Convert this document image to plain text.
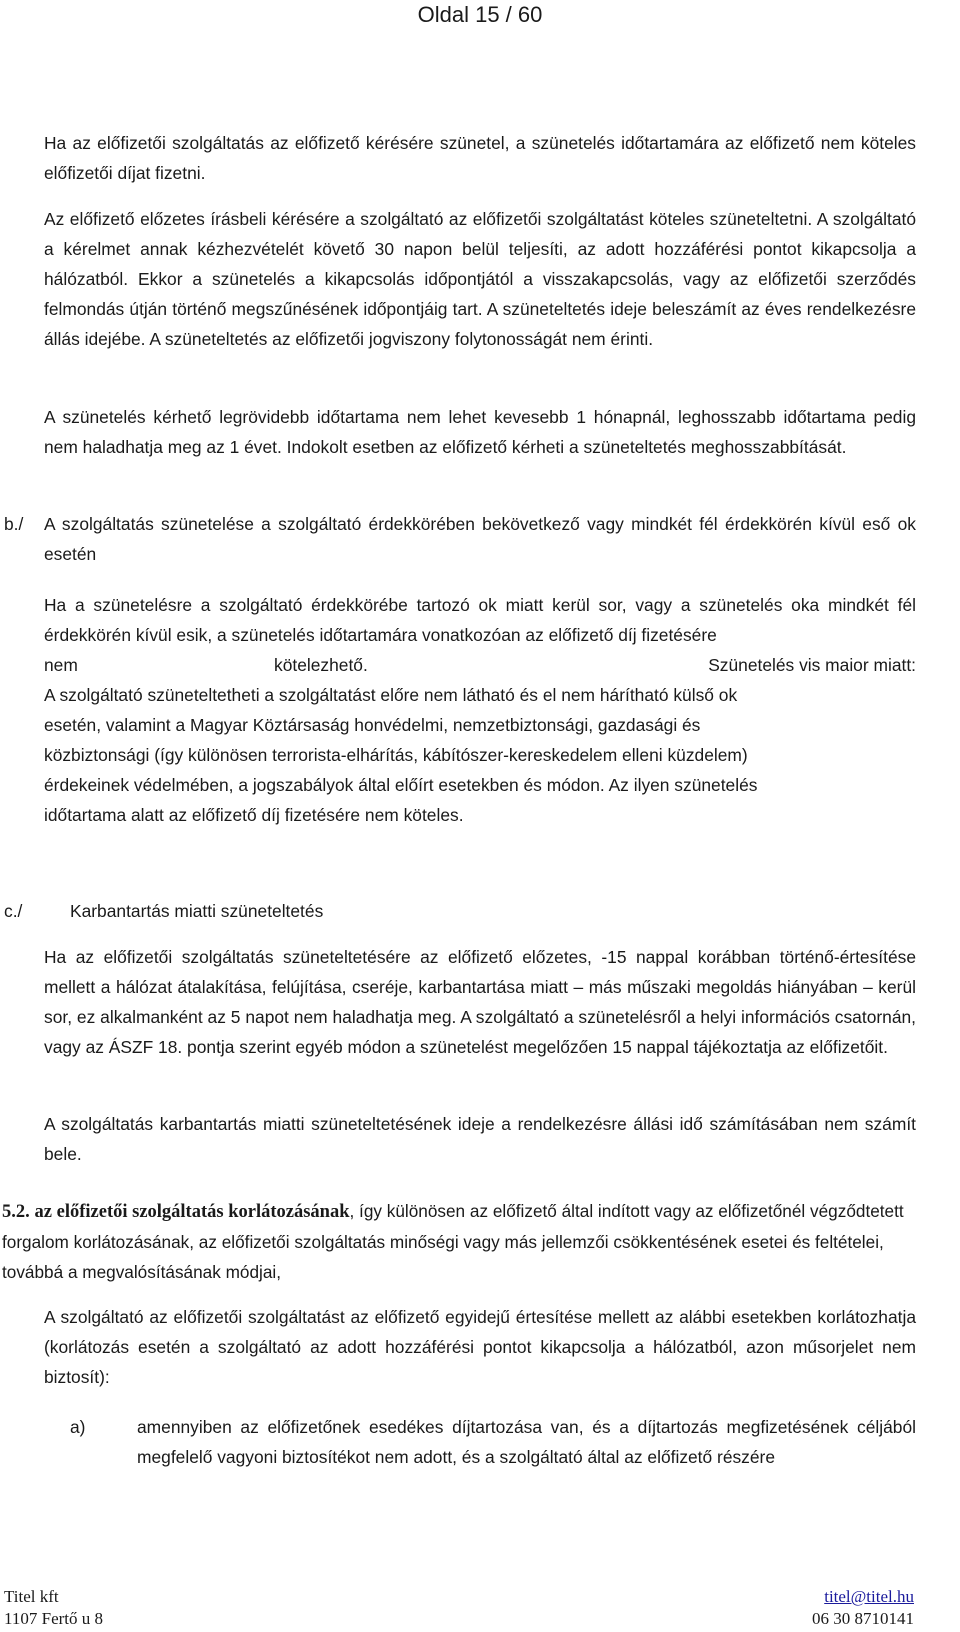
Oldal 15 / 60

Ha az előfizetői szolgáltatás az előfizető kérésére szünetel, a szünetelés időtartamára az előfizető nem köteles előfizetői díjat fizetni.

Az előfizető előzetes írásbeli kérésére a szolgáltató az előfizetői szolgáltatást köteles szüneteltetni. A szolgáltató a kérelmet annak kézhezvételét követő 30 napon belül teljesíti, az adott hozzáférési pontot kikapcsolja a hálózatból. Ekkor a szünetelés a kikapcsolás időpontjától a visszakapcsolás, vagy az előfizetői szerződés felmondás útján történő megszűnésének időpontjáig tart. A szüneteltetés ideje beleszámít az éves rendelkezésre állás idejébe. A szüneteltetés az előfizetői jogviszony folytonosságát nem érinti.

A szünetelés kérhető legrövidebb időtartama nem lehet kevesebb 1 hónapnál, leghosszabb időtartama pedig nem haladhatja meg az 1 évet. Indokolt esetben az előfizető kérheti a szüneteltetés meghosszabbítását.

b./ A szolgáltatás szünetelése a szolgáltató érdekkörében bekövetkező vagy mindkét fél érdekkörén kívül eső ok esetén

Ha a szünetelésre a szolgáltató érdekkörébe tartozó ok miatt kerül sor, vagy a szünetelés oka mindkét fél érdekkörén kívül esik, a szünetelés időtartamára vonatkozóan az előfizető díj fizetésére

nem	kötelezhető.	Szünetelés vis maior miatt:
A szolgáltató szüneteltetheti a szolgáltatást előre nem látható és el nem hárítható külső ok
esetén, valamint a Magyar Köztársaság honvédelmi, nemzetbiztonsági, gazdasági és
közbiztonsági (így különösen terrorista-elhárítás, kábítószer-kereskedelem elleni küzdelem)
érdekeinek védelmében, a jogszabályok által előírt esetekben és módon. Az ilyen szünetelés
időtartama alatt az előfizető díj fizetésére nem köteles.
c./	Karbantartás miatti szüneteltetés

Ha az előfizetői szolgáltatás szüneteltetésére az előfizető előzetes, -15 nappal korábban történő-értesítése mellett a hálózat átalakítása, felújítása, cseréje, karbantartása miatt – más műszaki megoldás hiányában – kerül sor, ez alkalmanként az 5 napot nem haladhatja meg. A szolgáltató a szünetelésről a helyi információs csatornán, vagy az ÁSZF 18. pontja szerint egyéb módon a szünetelést megelőzően 15 nappal tájékoztatja az előfizetőit.

A szolgáltatás karbantartás miatti szüneteltetésének ideje a rendelkezésre állási idő számításában nem számít bele.

5.2. az előfizetői szolgáltatás korlátozásának, így különösen az előfizető által indított vagy az előfizetőnél végződtetett forgalom korlátozásának, az előfizetői szolgáltatás minőségi vagy más jellemzői csökkentésének esetei és feltételei, továbbá a megvalósításának módjai,

A szolgáltató az előfizetői szolgáltatást az előfizető egyidejű értesítése mellett az alábbi esetekben korlátozhatja (korlátozás esetén a szolgáltató az adott hozzáférési pontot kikapcsolja a hálózatból, azon műsorjelet nem biztosít):

a)	amennyiben az előfizetőnek esedékes díjtartozása van, és a díjtartozás megfizetésének céljából megfelelő vagyoni biztosítékot nem adott, és a szolgáltató által az előfizető részére

Titel kft
1107 Fertő u 8
titel@titel.hu
06 30 8710141
